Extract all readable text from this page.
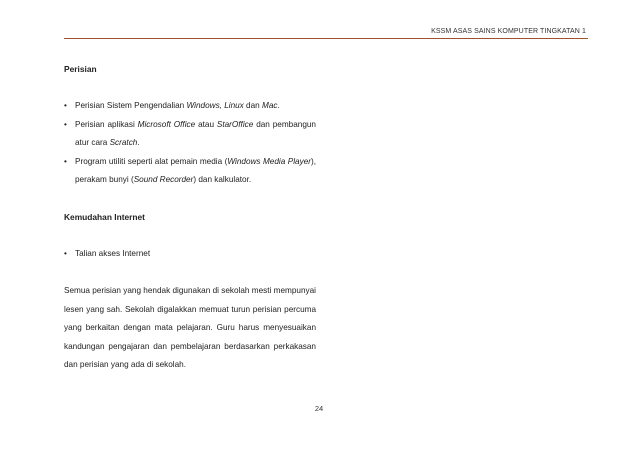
KSSM ASAS SAINS KOMPUTER TINGKATAN 1

Perisian

• Perisian Sistem Pengendalian Windows, Linux dan Mac.
• Perisian aplikasi Microsoft Office atau StarOffice dan pembangun atur cara Scratch.
• Program utiliti seperti alat pemain media (Windows Media Player), perakam bunyi (Sound Recorder) dan kalkulator.

Kemudahan Internet

• Talian akses Internet

Semua perisian yang hendak digunakan di sekolah mesti mempunyai lesen yang sah. Sekolah digalakkan memuat turun perisian percuma yang berkaitan dengan mata pelajaran. Guru harus menyesuaikan kandungan pengajaran dan pembelajaran berdasarkan perkakasan dan perisian yang ada di sekolah.

24
